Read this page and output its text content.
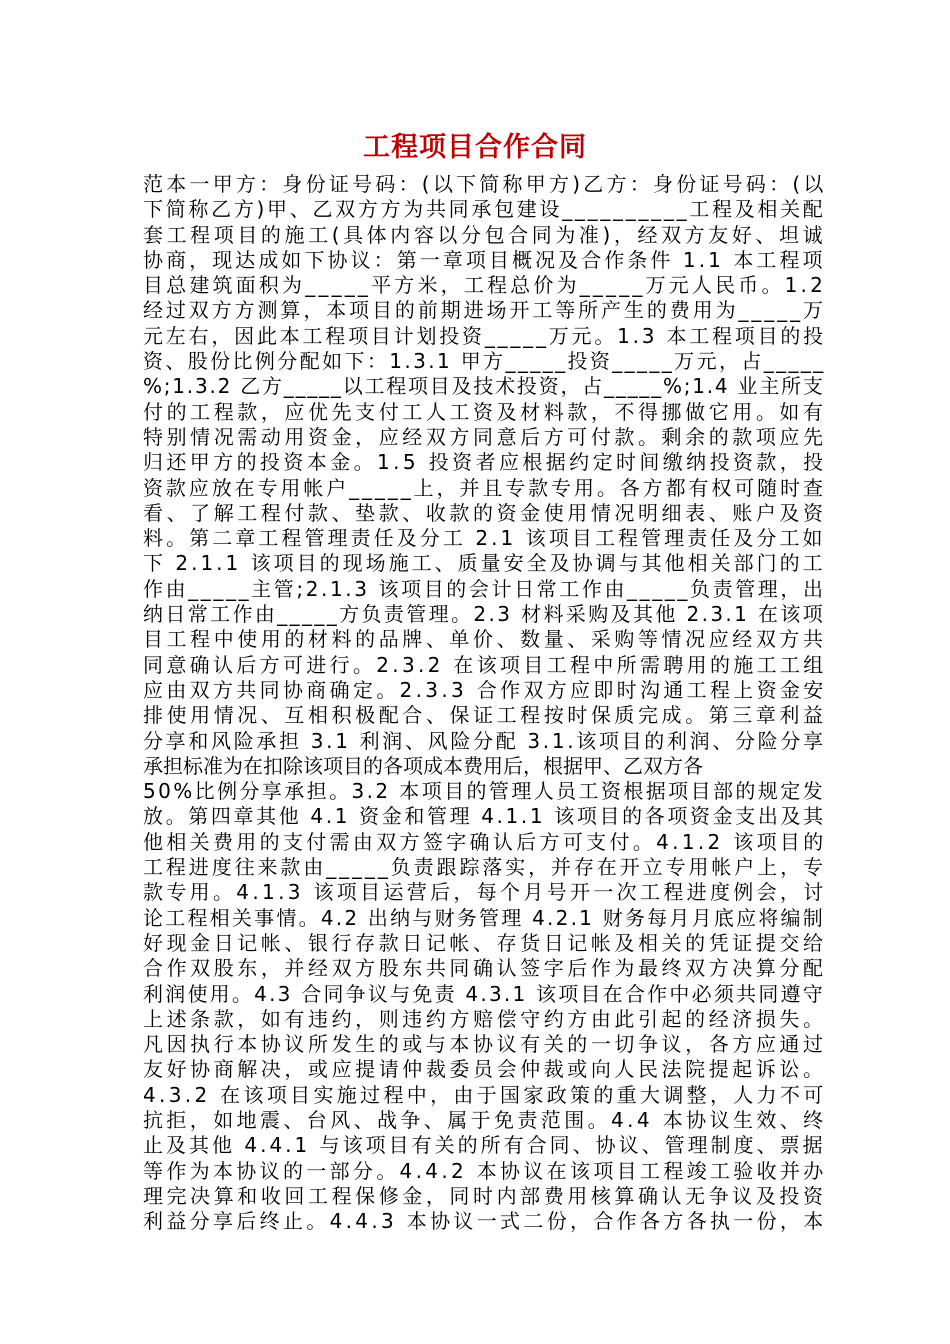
工程项目合作合同
范本一甲方：身份证号码：(以下简称甲方)乙方：身份证号码：(以
下简称乙方)甲、乙双方方为共同承包建设__________工程及相关配
套工程项目的施工(具体内容以分包合同为准)，经双方友好、坦诚
协商，现达成如下协议：第一章项目概况及合作条件 1.1 本工程项
目总建筑面积为_____平方米，工程总价为_____万元人民币。1.2
经过双方方测算，本项目的前期进场开工等所产生的费用为_____万
元左右，因此本工程项目计划投资_____万元。1.3 本工程项目的投
资、股份比例分配如下：1.3.1 甲方_____投资_____万元，占_____
%;1.3.2 乙方_____以工程项目及技术投资，占_____%;1.4 业主所支
付的工程款，应优先支付工人工资及材料款，不得挪做它用。如有
特别情况需动用资金，应经双方同意后方可付款。剩余的款项应先
归还甲方的投资本金。1.5 投资者应根据约定时间缴纳投资款，投
资款应放在专用帐户_____上，并且专款专用。各方都有权可随时查
看、了解工程付款、垫款、收款的资金使用情况明细表、账户及资
料。第二章工程管理责任及分工 2.1 该项目工程管理责任及分工如
下 2.1.1 该项目的现场施工、质量安全及协调与其他相关部门的工
作由_____主管;2.1.3 该项目的会计日常工作由_____负责管理，出
纳日常工作由_____方负责管理。2.3 材料采购及其他 2.3.1 在该项
目工程中使用的材料的品牌、单价、数量、采购等情况应经双方共
同意确认后方可进行。2.3.2 在该项目工程中所需聘用的施工工组
应由双方共同协商确定。2.3.3 合作双方应即时沟通工程上资金安
排使用情况、互相积极配合、保证工程按时保质完成。第三章利益
分享和风险承担 3.1 利润、风险分配 3.1.该项目的利润、分险分享
承担标准为在扣除该项目的各项成本费用后，根据甲、乙双方各
50%比例分享承担。3.2 本项目的管理人员工资根据项目部的规定发
放。第四章其他 4.1 资金和管理 4.1.1 该项目的各项资金支出及其
他相关费用的支付需由双方签字确认后方可支付。4.1.2 该项目的
工程进度往来款由_____负责跟踪落实，并存在开立专用帐户上，专
款专用。4.1.3 该项目运营后，每个月号开一次工程进度例会，讨
论工程相关事情。4.2 出纳与财务管理 4.2.1 财务每月月底应将编制
好现金日记帐、银行存款日记帐、存货日记帐及相关的凭证提交给
合作双股东，并经双方股东共同确认签字后作为最终双方决算分配
利润使用。4.3 合同争议与免责 4.3.1 该项目在合作中必须共同遵守
上述条款，如有违约，则违约方赔偿守约方由此引起的经济损失。
凡因执行本协议所发生的或与本协议有关的一切争议，各方应通过
友好协商解决，或应提请仲裁委员会仲裁或向人民法院提起诉讼。
4.3.2 在该项目实施过程中，由于国家政策的重大调整，人力不可
抗拒，如地震、台风、战争、属于免责范围。4.4 本协议生效、终
止及其他 4.4.1 与该项目有关的所有合同、协议、管理制度、票据
等作为本协议的一部分。4.4.2 本协议在该项目工程竣工验收并办
理完决算和收回工程保修金，同时内部费用核算确认无争议及投资
利益分享后终止。4.4.3 本协议一式二份，合作各方各执一份，本
